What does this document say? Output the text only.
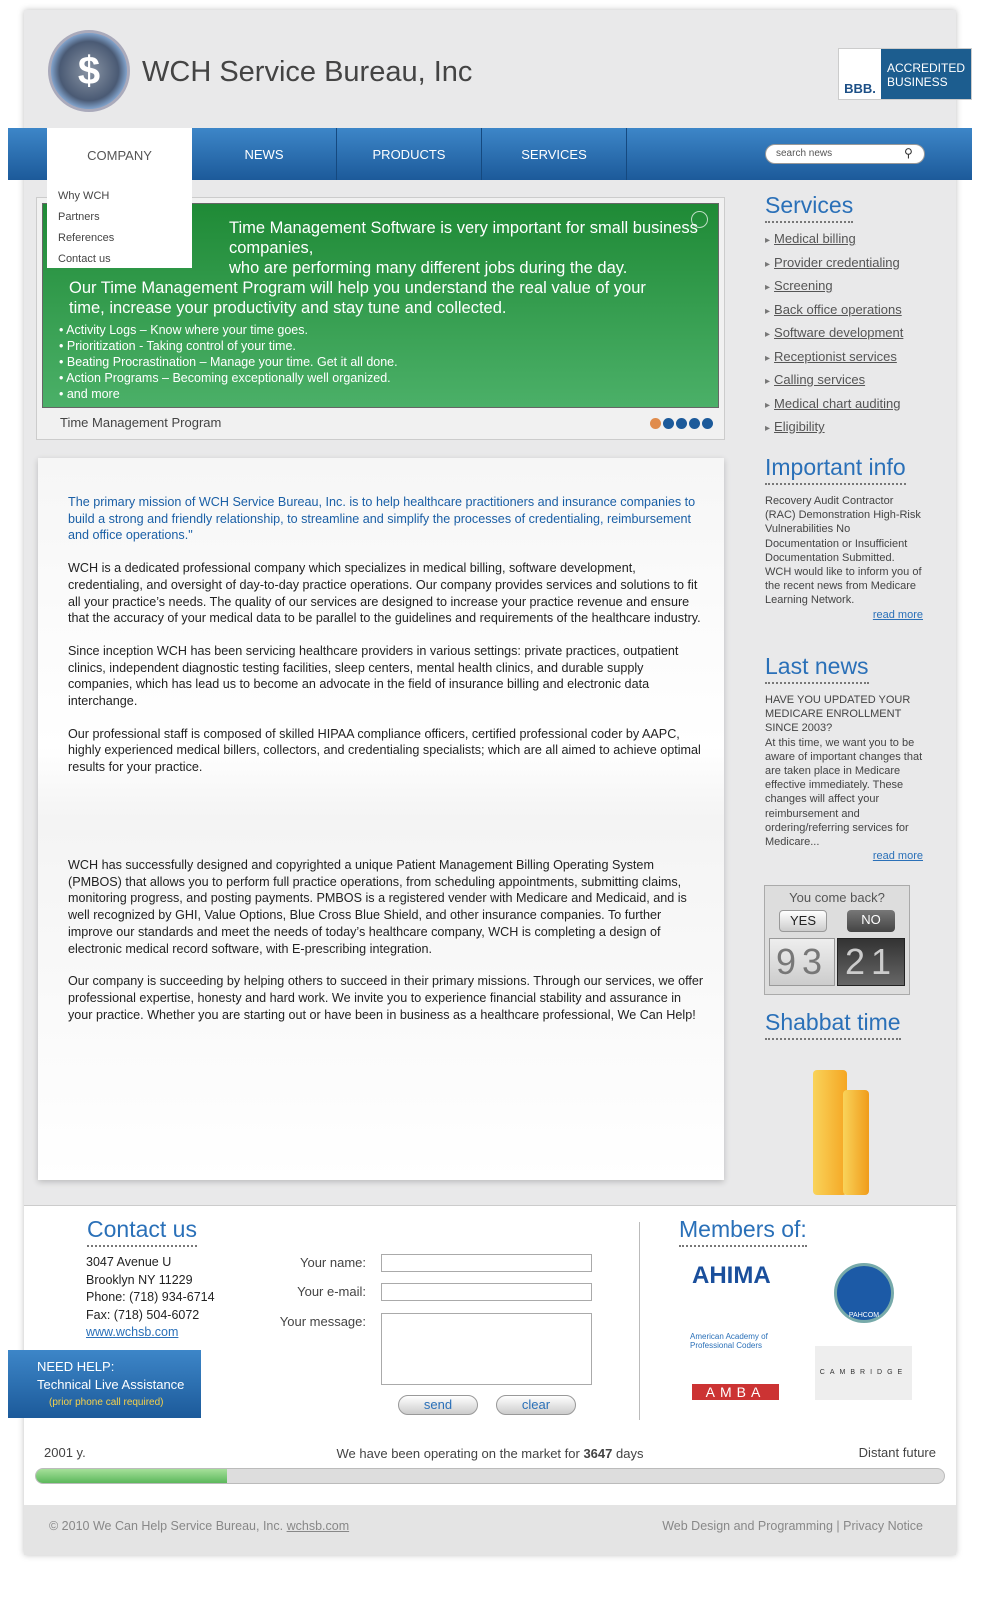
$	WCH Service Bureau, Inc
BBB.
ACCREDITED BUSINESS
COMPANY	NEWS	PRODUCTS	SERVICES	search news	⚲
Why WCH
Partners
References
Contact us
Time Management Software is very important for small business companies,
who are performing many different jobs during the day.
Our Time Management Program will help you understand the real value of your
time, increase your productivity and stay tune and collected.
• Activity Logs – Know where your time goes.
• Prioritization - Taking control of your time.
• Beating Procrastination – Manage your time. Get it all done.
• Action Programs – Becoming exceptionally well organized.
• and more
Time Management Program
The primary mission of WCH Service Bureau, Inc. is to help healthcare practitioners and insurance companies to build a strong and friendly relationship, to streamline and simplify the processes of credentialing, reimbursement and office operations."
WCH is a dedicated professional company which specializes in medical billing, software development, credentialing, and oversight of day-to-day practice operations. Our company provides services and solutions to fit all your practice’s needs. The quality of our services are designed to increase your practice revenue and ensure that the accuracy of your medical data to be parallel to the guidelines and requirements of the healthcare industry.
Since inception WCH has been servicing healthcare providers in various settings: private practices, outpatient clinics, independent diagnostic testing facilities, sleep centers, mental health clinics, and durable supply companies, which has lead us to become an advocate in the field of insurance billing and electronic data interchange.
Our professional staff is composed of skilled HIPAA compliance officers, certified professional coder by AAPC, highly experienced medical billers, collectors, and credentialing specialists; which are all aimed to achieve optimal results for your practice.
WCH has successfully designed and copyrighted a unique Patient Management Billing Operating System (PMBOS) that allows you to perform full practice operations, from scheduling appointments, submitting claims, monitoring progress, and posting payments. PMBOS is a registered vender with Medicare and Medicaid, and is well recognized by GHI, Value Options, Blue Cross Blue Shield, and other insurance companies. To further improve our standards and meet the needs of today’s healthcare company, WCH is completing a design of electronic medical record software, with E-prescribing integration.
Our company is succeeding by helping others to succeed in their primary missions. Through our services, we offer professional expertise, honesty and hard work. We invite you to experience financial stability and assurance in your practice. Whether you are starting out or have been in business as a healthcare professional, We Can Help!
Services
▸ Medical billing
▸ Provider credentialing
▸ Screening
▸ Back office operations
▸ Software development
▸ Receptionist services
▸ Calling services
▸ Medical chart auditing
▸ Eligibility
Important info
Recovery Audit Contractor (RAC) Demonstration High-Risk Vulnerabilities No Documentation or Insufficient Documentation Submitted. WCH would like to inform you of the recent news from Medicare Learning Network.
read more
Last news
HAVE YOU UPDATED YOUR MEDICARE ENROLLMENT SINCE 2003?
At this time, we want you to be aware of important changes that are taken place in Medicare effective immediately. These changes will affect your reimbursement and ordering/referring services for Medicare...
read more
You come back?
YES	NO
93 21
Shabbat time
Contact us
3047 Avenue U
Brooklyn NY 11229
Phone: (718) 934-6714
Fax: (718) 504-6072
www.wchsb.com
Your name:
Your e-mail:
Your message:
send	clear
Members of:
AHIMA
PAHCOM
American Academy of Professional Coders
CAMBRIDGE
AMBA
NEED HELP:
Technical Live Assistance
(prior phone call required)
2001 y.	We have been operating on the market for 3647 days	Distant future
© 2010 We Can Help Service Bureau, Inc. wchsb.com	Web Design and Programming | Privacy Notice
